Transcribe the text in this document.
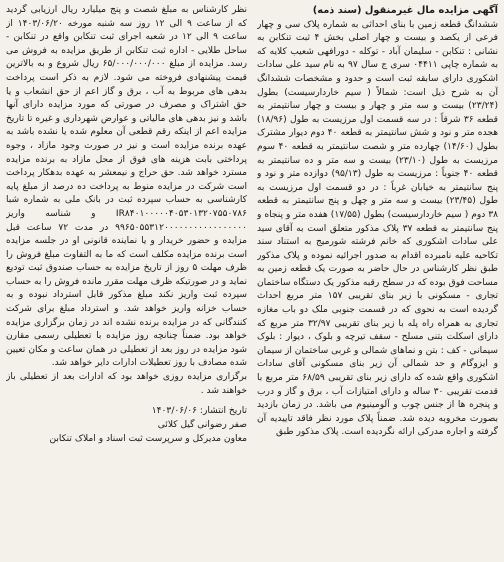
آگهی مزایده مال غیرمنقول (سند ذمه)

ششدانگ قطعه زمین با بنای احداثی به شماره پلاک سی و چهار فرعی از یکصد و بیست و چهار اصلی بخش ۴ ثبت تنکابن به نشانی : تنکابن - سلیمان آباد - توکله - دورافهی شعیب کلایه که به شماره چاپی ۰۴۴۱۱ سری ج سال ۹۷ به نام سید علی سادات اشکوری دارای سابقه ثبت است و حدود و مشخصات ششدانگ آن به شرح ذیل است: شمالاً ( سیم خاردارسیست) بطول (۲۳/۲۴) بیست و سه متر و چهار و بیست و چهار سانتیمتر به قطعه ۳۶ شرقاً : در سه قسمت اول مرزیست به طول (۱۸/۹۶) هجده متر و نود و شش سانتیمتر به قطعه ۴۰ دوم دیوار مشترک بطول (۱۴/۶۰) چهارده متر و شصت سانتیمتر به قطعه ۴۰ سوم مرزیست به طول (۲۳/۱۰) بیست و سه متر و ده سانتیمتر به قطعه ۴۰ جنوباً : مرزیست به طول (۹۵/۱۳) دوازده متر و نود و پنج سانتیمتر به خیابان غرباً : در دو قسمت اول مرزیست به طول (۲۳/۴۵) بیست و سه متر و چهل و پنج سانتیمتر به قطعه ۳۸ دوم ( سیم خاردارسیست) بطول (۱۷/۵۵) هفده متر و پنجاه و پنج سانتیمتر به قطعه ۳۷ پلاک مذکور متعلق است به آقای سید علی سادات اشکوری که خانم فرشته شورمیج به استناد سند تکاحیه علیه نامبرده اقدام به صدور اجرائیه نموده و پلاک مذکور طبق نظر کارشناس در حال حاضر به صورت یک قطعه زمین به مساحت فوق بوده که در سطح رقبه مذکور یک دستگاه ساختمان تجاری - مسکونی با زیر بنای تقریبی ۱۵۷ متر مربع احداث گردیده است به نحوی که در قسمت جنوبی ملک دو باب مغازه تجاری به همراه راه پله با زیر بنای تقریبی ۳۲/۹۷ متر مربع که دارای اسکلت بتنی مسلح - سقف تیرچه و بلوک ، دیوار : بلوک سیمانی - کف : بتن و نماهای شمالی و غربی ساختمان از سیمان و ایزوگام و حد شمالی آن زیر بنای مسکونی آقای سادات اشکوری واقع شده که دارای زیر بنای تقریبی ۶۸/۵۹ متر مربع با قدمت تقریبی ۳۰ ساله و دارای امتیازات آب ، برق و گاز و درب و پنجره ها از جنس چوب و آلومینیوم می باشد. در زمان بازدید بصورت مخروبه دیده شد. ضمناً پلاک مورد نظر فاقد تاییدیه آن گرفته و اجاره مدرکی ارائه نگردیده است. پلاک مذکور طبق

نظر کارشناس به مبلغ شصت و پنج میلیارد ریال ارزیابی گردید که از ساعت ۹ الی ۱۲ روز سه شنبه مورخه ۱۴۰۳/۰۶/۲۰ از ساعت ۹ الی ۱۲ در شعبه اجرای ثبت تنکابن واقع در تنکابن - ساحل طلایی - اداره ثبت تنکابن از طریق مزایده به فروش می رسد. مزایده از مبلغ ۶۵/۰۰۰/۰۰۰/۰۰۰ ریال شروع و به بالاترین قیمت پیشنهادی فروخته می شود. لازم به ذکر است پرداخت بدهی های مربوط به آب ، برق و گاز اعم از حق انشعاب و یا حق اشتراک و مصرف در صورتی که مورد مزایده دارای آنها باشد و نیز بدهی های مالیاتی و عوارض شهرداری و غیره تا تاریخ مزایده اعم از اینکه رقم قطعی آن معلوم شده یا نشده باشد به عهده برنده مزایده است و نیز در صورت وجود مازاد ، وجوه پرداختی بابت هزینه های فوق از محل مازاد به برنده مزایده مسترد خواهد شد. حق حراج و نیمعشر به عهده بدهکار پرداخت است شرکت در مزایده منوط به پرداخت ده درصد از مبلغ پایه کارشناسی به حساب سپرده ثبت در بانک ملی به شماره شبا IR۸۴۰۱۰۰۰۰۰۴۰۵۳۰۱۳۲۰۷۵۵۰۷۸۶ و شناسه واریز ۹۹۶۵۰۵۵۳۱۲۰۰۰۰۰۰۰۰۰۰۰۰۰۰۰۰۰ در مدت ۷۲ ساعت قبل مزایده و حضور خریدار و یا نماینده قانونی او در جلسه مزایده است برنده مزایده مکلف است که ما به التفاوت مبلغ فروش را ظرف مهلت ۵ روز از تاریخ مزایده به حساب صندوق ثبت تودیع نماید و در صورتیکه ظرف مهلت مقرر مانده فروش را به حساب سپرده ثبت واریز نکند مبلغ مذکور قابل استرداد نبوده و به حساب خزانه واریز خواهد شد. و استرداد مبلغ برای شرکت کنندگانی که در مزایده برنده نشده اند در زمان برگزاری مزایده خواهد بود. ضمناً چنانچه روز مزایده با تعطیلی رسمی مقارن شود مزایده در روز بعد از تعطیلی در همان ساعت و مکان تعیین شده مصادف با روز تعطیلات ادارات دایر خواهد شد.

برگزاری مزایده روزی خواهد بود که ادارات بعد از تعطیلی باز خواهند شد .

تاریخ انتشار: ۱۴۰۳/۰۶/۰۶
صفر رضوانی گیل کلائی
معاون مدیرکل و سرپرست ثبت اسناد و املاک تنکابن
